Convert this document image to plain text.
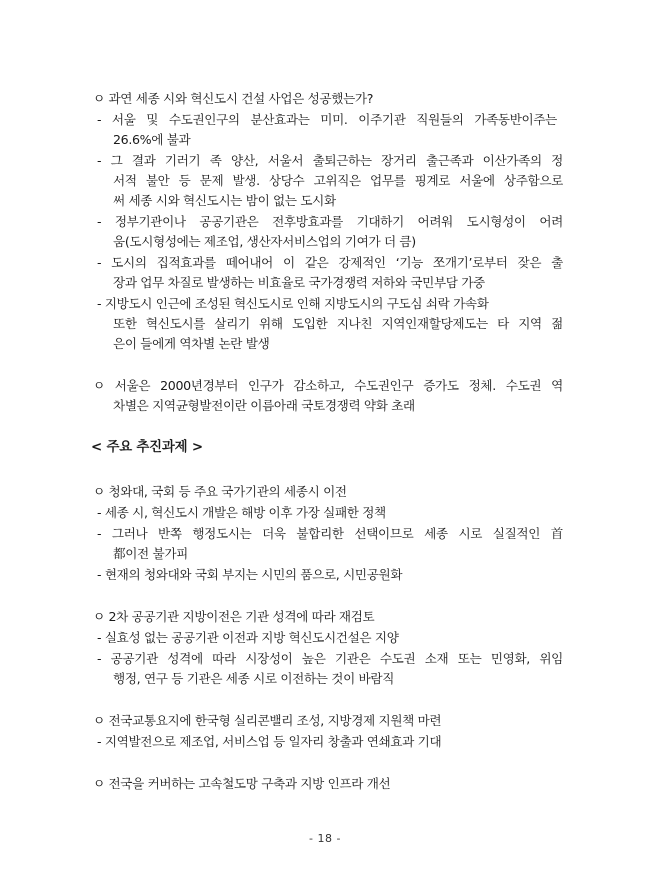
ㅇ 과연 세종 시와 혁신도시 건설 사업은 성공했는가?
- 서울 및 수도권인구의 분산효과는 미미. 이주기관 직원들의 가족동반이주는
26.6%에 불과
- 그 결과 기러기 족 양산, 서울서 출퇴근하는 장거리 출근족과 이산가족의 정
서적 불안 등 문제 발생. 상당수 고위직은 업무를 핑계로 서울에 상주함으로
써 세종 시와 혁신도시는 밤이 없는 도시화
- 정부기관이나 공공기관은 전후방효과를 기대하기 어려워 도시형성이 어려
움(도시형성에는 제조업, 생산자서비스업의 기여가 더 큼)
- 도시의 집적효과를 떼어내어 이 같은 강제적인 ‘기능 쪼개기’로부터 잦은 출
장과 업무 차질로 발생하는 비효율로 국가경쟁력 저하와 국민부담 가중
- 지방도시 인근에 조성된 혁신도시로 인해 지방도시의 구도심 쇠락 가속화
또한 혁신도시를 살리기 위해 도입한 지나친 지역인재할당제도는 타 지역 젊
은이 들에게 역차별 논란 발생
ㅇ 서울은 2000년경부터 인구가 감소하고, 수도권인구 증가도 정체. 수도권 역
차별은 지역균형발전이란 이름아래 국토경쟁력 약화 초래
< 주요 추진과제 >
ㅇ 청와대, 국회 등 주요 국가기관의 세종시 이전
- 세종 시, 혁신도시 개발은 해방 이후 가장 실패한 정책
- 그러나 반쪽 행정도시는 더욱 불합리한 선택이므로 세종 시로 실질적인 首
都이전 불가피
- 현재의 청와대와 국회 부지는 시민의 품으로, 시민공원화
ㅇ 2차 공공기관 지방이전은 기관 성격에 따라 재검토
- 실효성 없는 공공기관 이전과 지방 혁신도시건설은 지양
- 공공기관 성격에 따라 시장성이 높은 기관은 수도권 소재 또는 민영화, 위임
행정, 연구 등 기관은 세종 시로 이전하는 것이 바람직
ㅇ 전국교통요지에 한국형 실리콘밸리 조성, 지방경제 지원책 마련
- 지역발전으로 제조업, 서비스업 등 일자리 창출과 연쇄효과 기대
ㅇ 전국을 커버하는 고속철도망 구축과 지방 인프라 개선
- 18 -
